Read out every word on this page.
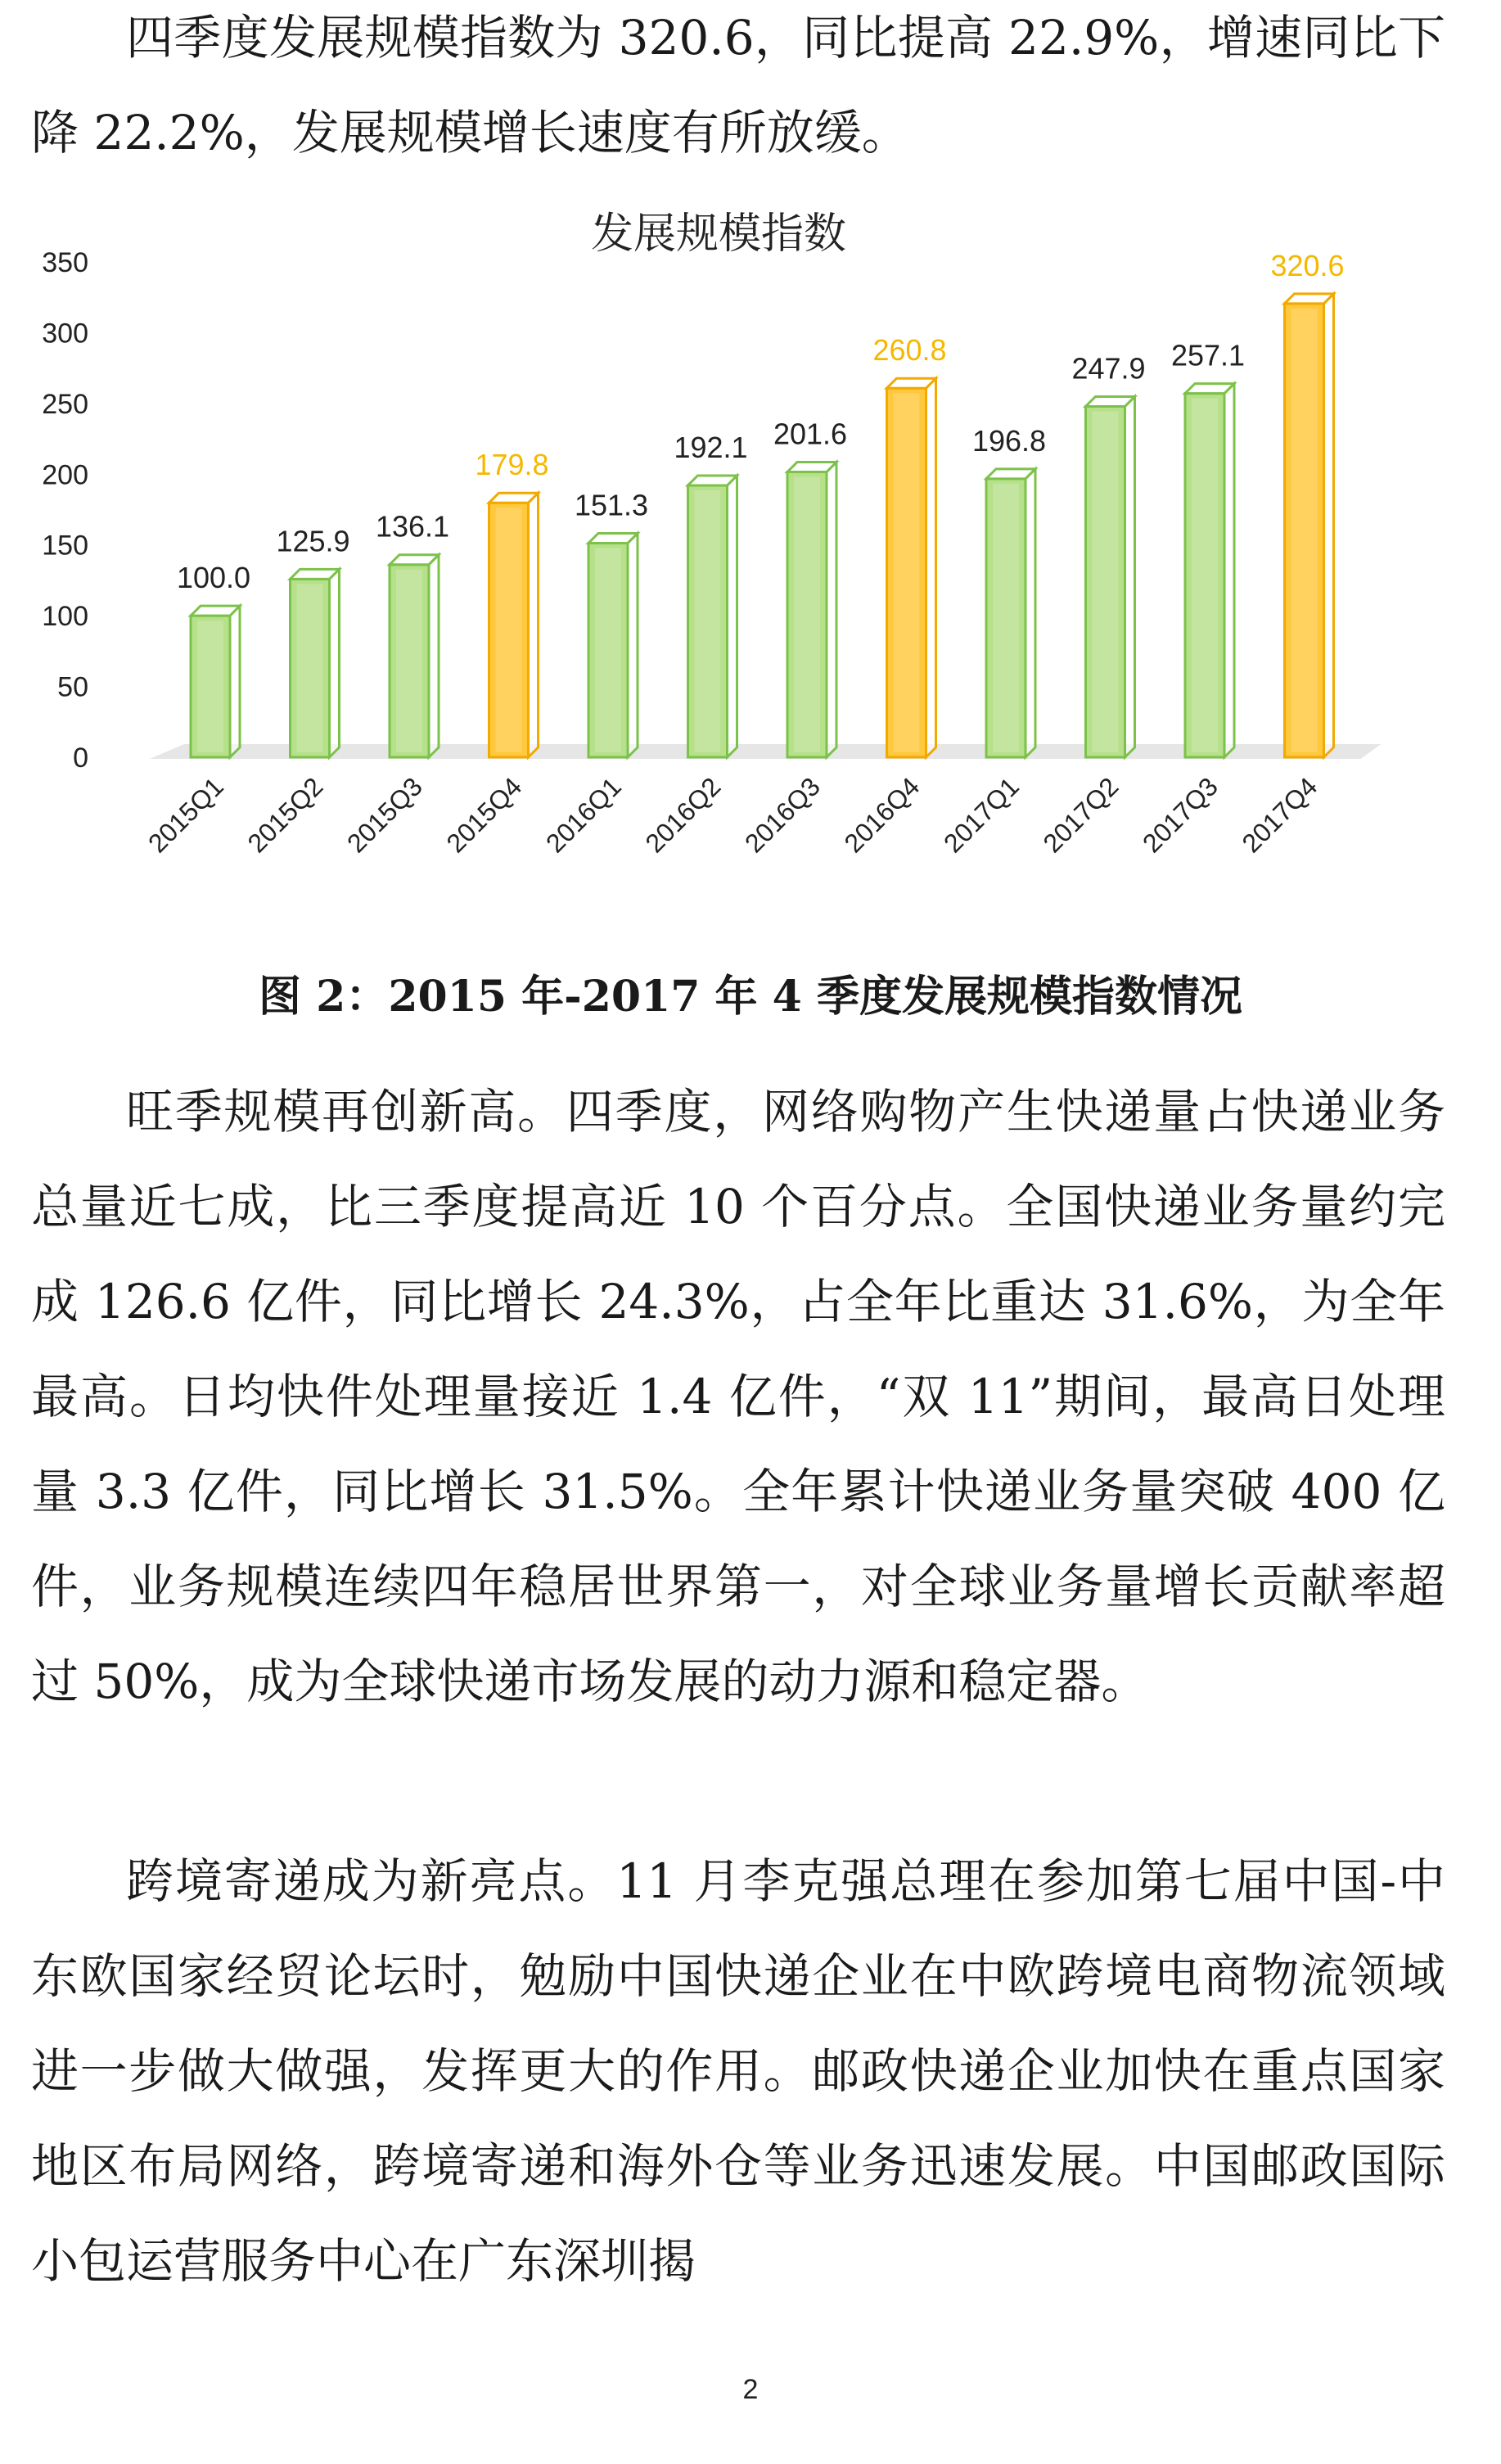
四季度发展规模指数为 320.6，同比提高 22.9%，增速同比下降 22.2%，发展规模增长速度有所放缓。

发展规模指数
0
50
100
150
200
250
300
350
100.0
125.9 136.1
179.8
151.3
192.1 201.6
260.8
196.8
247.9 257.1
320.6
2015Q1 2015Q2 2015Q3 2015Q4 2016Q1 2016Q2 2016Q3 2016Q4 2017Q1 2017Q2 2017Q3 2017Q4
图 2：2015 年-2017 年 4 季度发展规模指数情况

旺季规模再创新高。四季度，网络购物产生快递量占快递业务总量近七成，比三季度提高近 10 个百分点。全国快递业务量约完成 126.6 亿件，同比增长 24.3%，占全年比重达 31.6%，为全年最高。日均快件处理量接近 1.4 亿件，“双 11”期间，最高日处理量 3.3 亿件，同比增长 31.5%。全年累计快递业务量突破 400 亿件，业务规模连续四年稳居世界第一，对全球业务量增长贡献率超过 50%，成为全球快递市场发展的动力源和稳定器。

跨境寄递成为新亮点。11 月李克强总理在参加第七届中国-中东欧国家经贸论坛时，勉励中国快递企业在中欧跨境电商物流领域进一步做大做强，发挥更大的作用。邮政快递企业加快在重点国家地区布局网络，跨境寄递和海外仓等业务迅速发展。中国邮政国际小包运营服务中心在广东深圳揭

2
